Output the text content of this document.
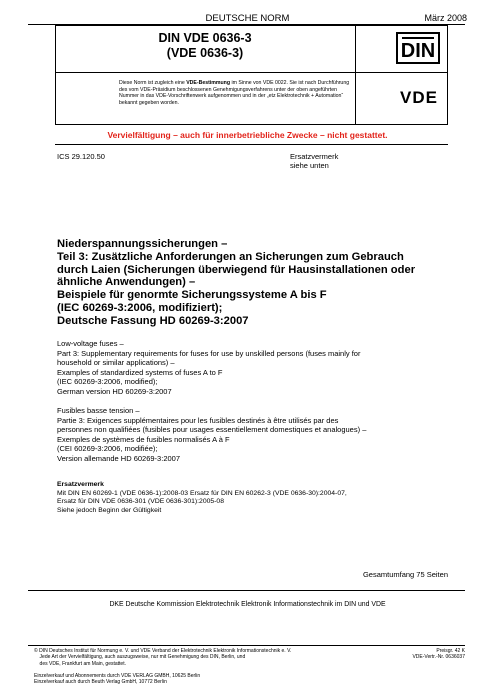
DEUTSCHE NORM	März 2008
DIN VDE 0636-3
(VDE 0636-3)	DIN
Diese Norm ist zugleich eine VDE-Bestimmung im Sinne von VDE 0022. Sie ist nach Durchführung des vom VDE-Präsidium beschlossenen Genehmigungsverfahrens unter der oben angeführten Nummer in das VDE-Vorschriftenwerk aufgenommen und in der „etz Elektrotechnik + Automation“ bekannt gegeben worden.	VDE
Vervielfältigung – auch für innerbetriebliche Zwecke – nicht gestattet.
ICS 29.120.50	Ersatzvermerk
siehe unten
Niederspannungssicherungen –
Teil 3: Zusätzliche Anforderungen an Sicherungen zum Gebrauch
durch Laien (Sicherungen überwiegend für Hausinstallationen oder
ähnliche Anwendungen) –
Beispiele für genormte Sicherungssysteme A bis F
(IEC 60269-3:2006, modifiziert);
Deutsche Fassung HD 60269-3:2007
Low-voltage fuses –
Part 3: Supplementary requirements for fuses for use by unskilled persons (fuses mainly for
household or similar applications) –
Examples of standardized systems of fuses A to F
(IEC 60269-3:2006, modified);
German version HD 60269-3:2007
Fusibles basse tension –
Partie 3: Exigences supplémentaires pour les fusibles destinés à être utilisés par des
personnes non qualifiées (fusibles pour usages essentiellement domestiques et analogues) –
Exemples de systèmes de fusibles normalisés A à F
(CEI 60269-3:2006, modifiée);
Version allemande HD 60269-3:2007
Ersatzvermerk
Mit DIN EN 60269-1 (VDE 0636-1):2008-03 Ersatz für DIN EN 60262-3 (VDE 0636-30):2004-07,
Ersatz für DIN VDE 0636-301 (VDE 0636-301):2005-08
Siehe jedoch Beginn der Gültigkeit
Gesamtumfang 75 Seiten
DKE Deutsche Kommission Elektrotechnik Elektronik Informationstechnik im DIN und VDE
© DIN Deutsches Institut für Normung e. V. und VDE Verband der Elektrotechnik Elektronik Informationstechnik e. V.
Jede Art der Vervielfältigung, auch auszugsweise, nur mit Genehmigung des DIN, Berlin, und
des VDE, Frankfurt am Main, gestattet.
Preisgr. 42 K
VDE-Vertr.-Nr. 0636037
Einzelverkauf und Abonnements durch VDE VERLAG GMBH, 10625 Berlin
Einzelverkauf auch durch Beuth Verlag GmbH, 10772 Berlin
